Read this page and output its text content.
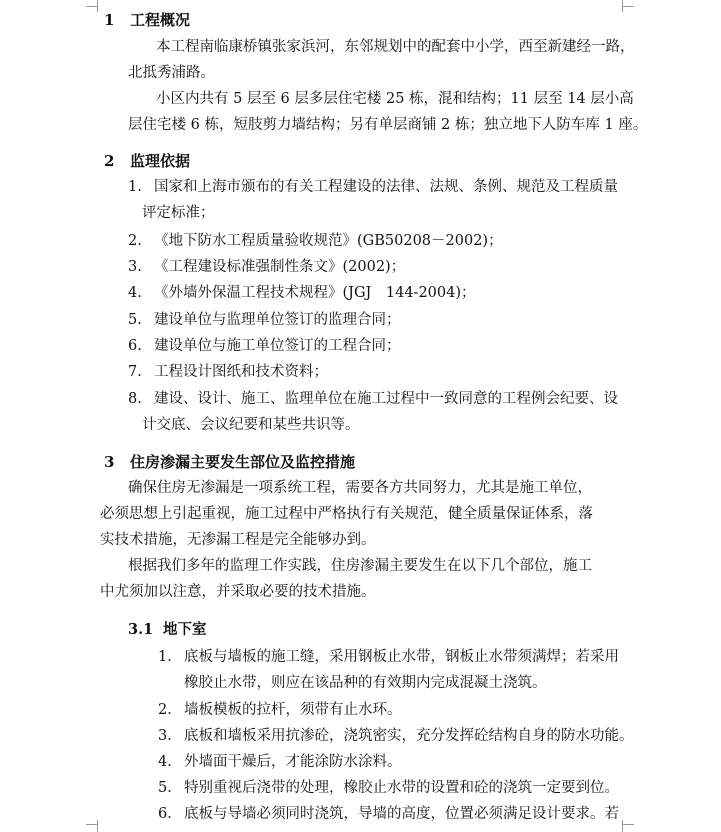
1 工程概况
本工程南临康桥镇张家浜河，东邻规划中的配套中小学，西至新建经一路，
北抵秀浦路。
小区内共有 5 层至 6 层多层住宅楼 25 栋，混和结构；11 层至 14 层小高
层住宅楼 6 栋，短肢剪力墙结构；另有单层商铺 2 栋；独立地下人防车库 1 座。
2 监理依据
1. 国家和上海市颁布的有关工程建设的法律、法规、条例、规范及工程质量
评定标准；
2. 《地下防水工程质量验收规范》(GB50208－2002)；
3. 《工程建设标准强制性条文》(2002)；
4. 《外墙外保温工程技术规程》(JGJ　144-2004)；
5. 建设单位与监理单位签订的监理合同；
6. 建设单位与施工单位签订的工程合同；
7. 工程设计图纸和技术资料；
8. 建设、设计、施工、监理单位在施工过程中一致同意的工程例会纪要、设
计交底、会议纪要和某些共识等。
3 住房渗漏主要发生部位及监控措施
确保住房无渗漏是一项系统工程，需要各方共同努力，尤其是施工单位，
必须思想上引起重视，施工过程中严格执行有关规范，健全质量保证体系，落
实技术措施，无渗漏工程是完全能够办到。
根据我们多年的监理工作实践，住房渗漏主要发生在以下几个部位，施工
中尤须加以注意，并采取必要的技术措施。
3.1 地下室
1. 底板与墙板的施工缝，采用钢板止水带，钢板止水带须满焊；若采用
橡胶止水带，则应在该品种的有效期内完成混凝土浇筑。
2. 墙板模板的拉杆，须带有止水环。
3. 底板和墙板采用抗渗砼，浇筑密实，充分发挥砼结构自身的防水功能。
4. 外墙面干燥后，才能涂防水涂料。
5. 特别重视后浇带的处理，橡胶止水带的设置和砼的浇筑一定要到位。
6. 底板与导墙必须同时浇筑，导墙的高度，位置必须满足设计要求。若
